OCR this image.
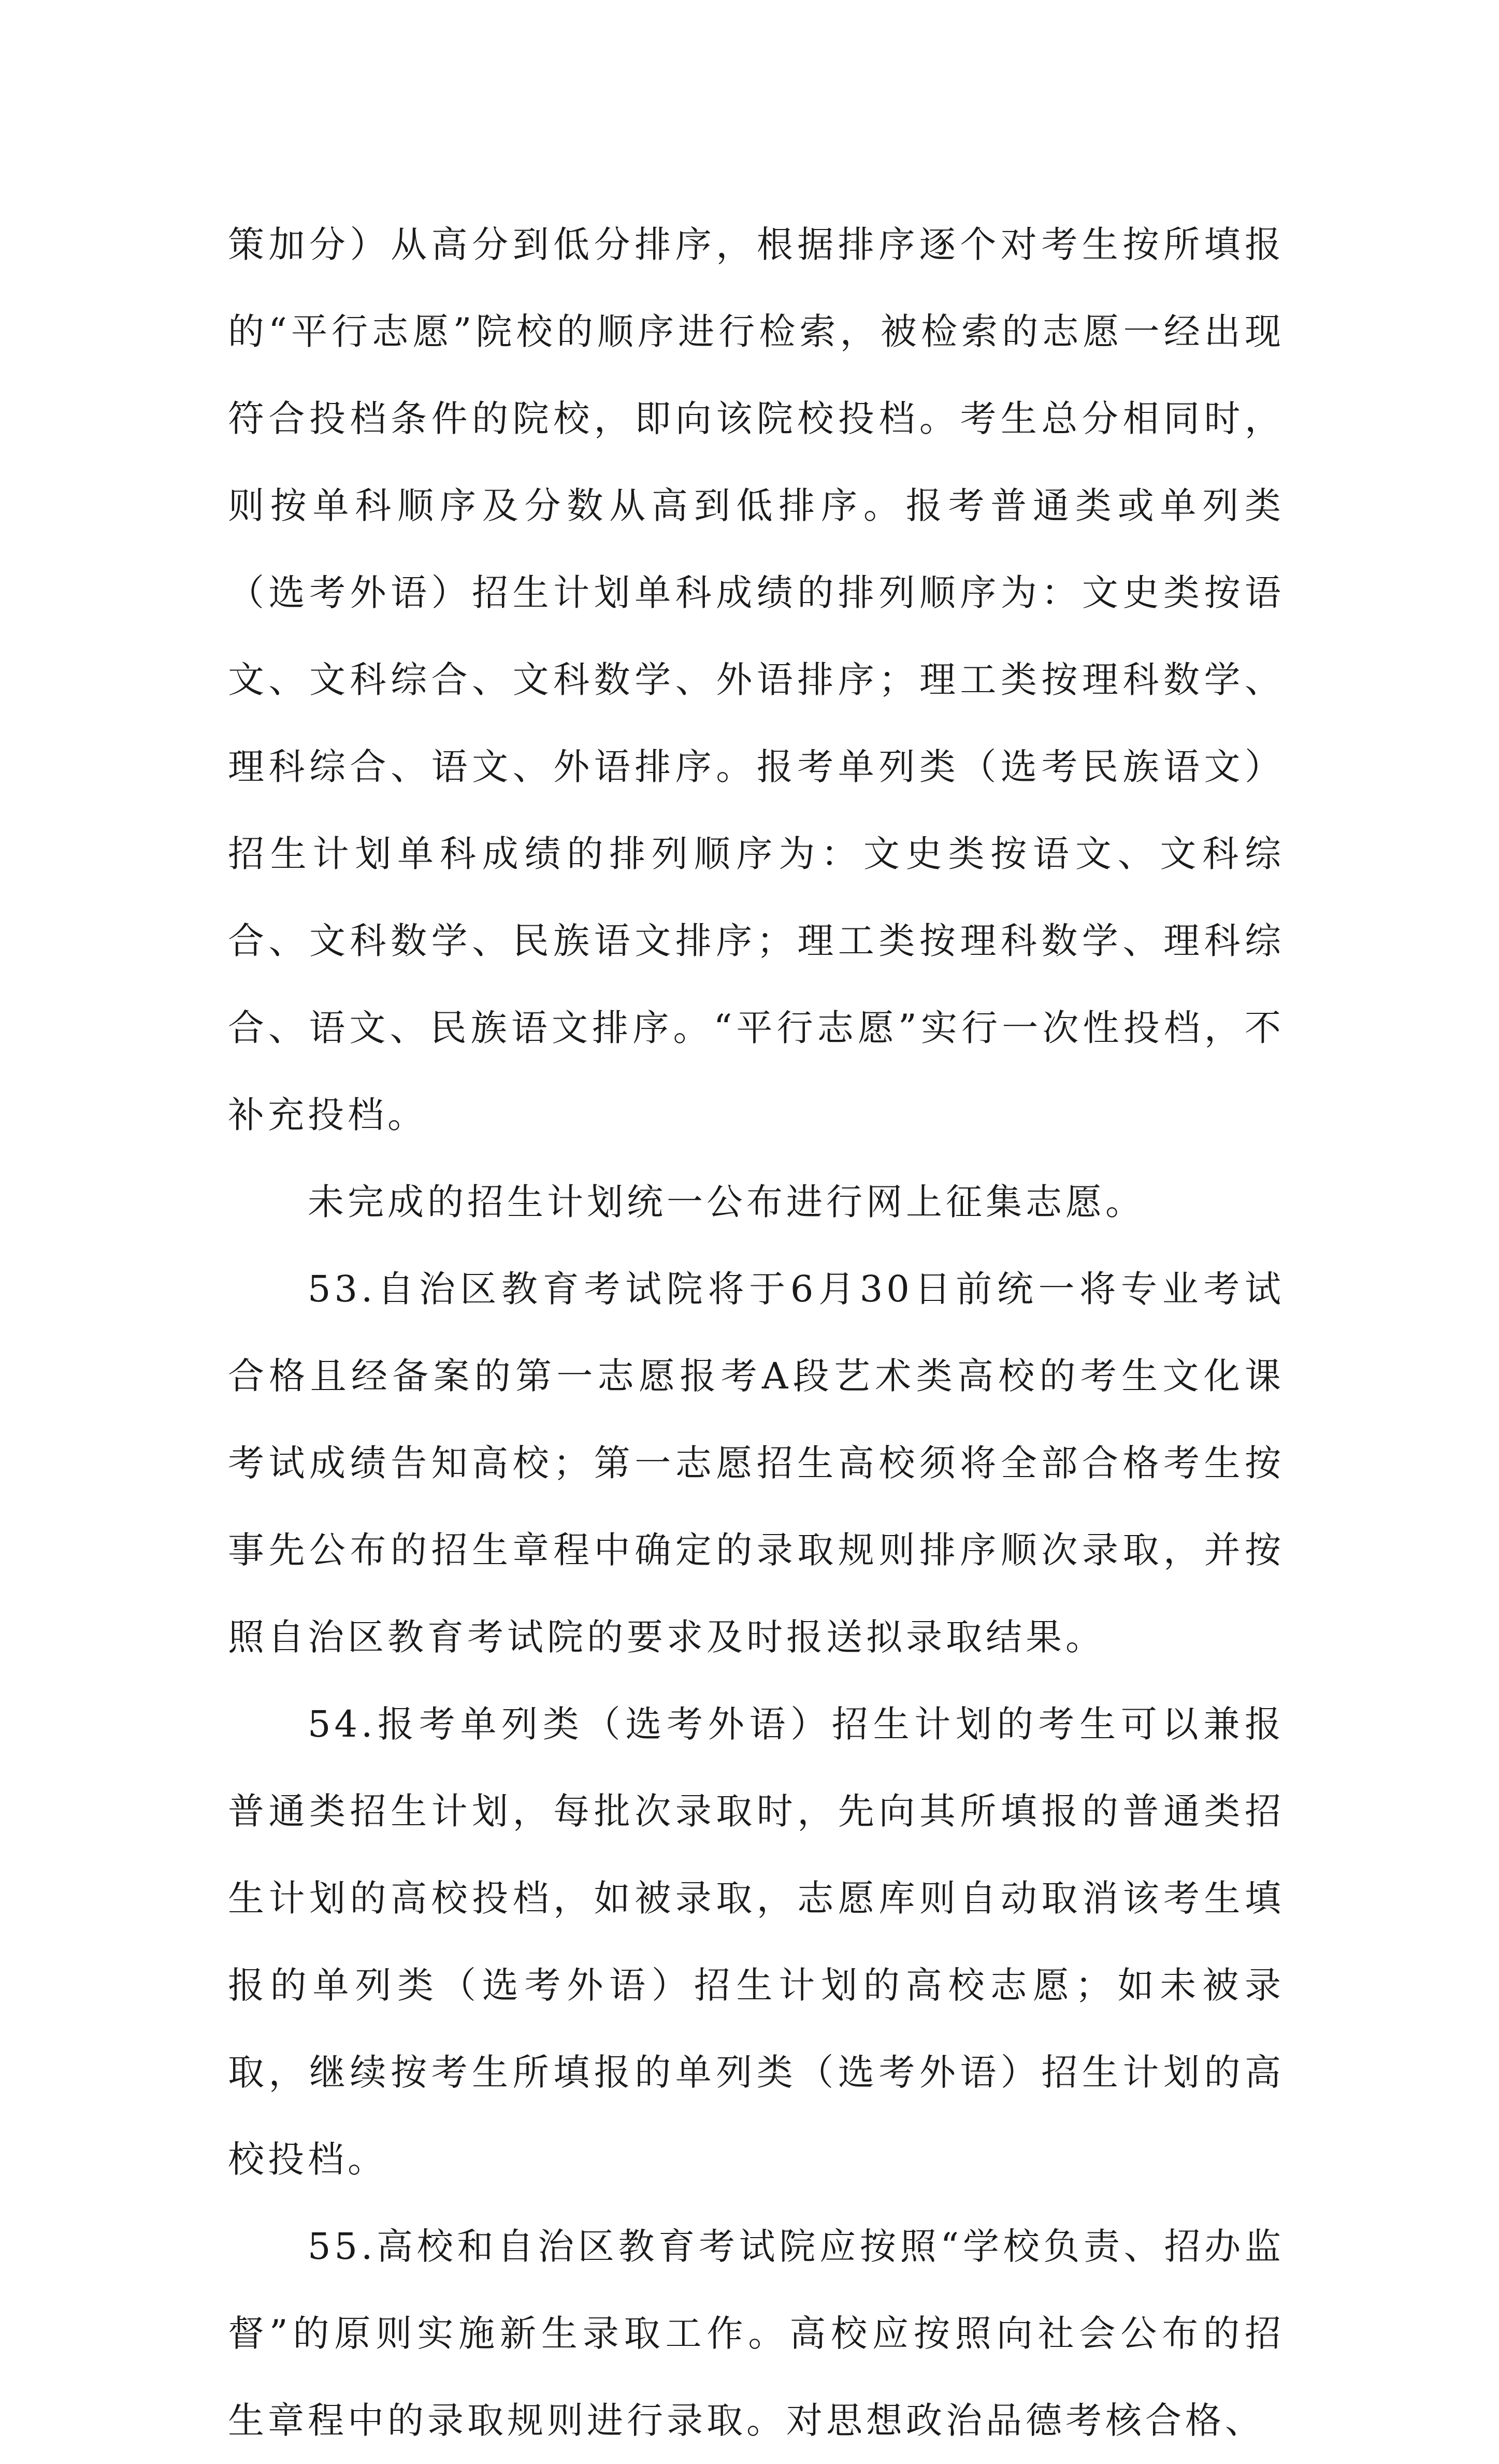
策加分）从高分到低分排序，根据排序逐个对考生按所填报的“平行志愿”院校的顺序进行检索，被检索的志愿一经出现符合投档条件的院校，即向该院校投档。考生总分相同时，则按单科顺序及分数从高到低排序。报考普通类或单列类（选考外语）招生计划单科成绩的排列顺序为：文史类按语文、文科综合、文科数学、外语排序；理工类按理科数学、理科综合、语文、外语排序。报考单列类（选考民族语文）招生计划单科成绩的排列顺序为：文史类按语文、文科综合、文科数学、民族语文排序；理工类按理科数学、理科综合、语文、民族语文排序。“平行志愿”实行一次性投档，不补充投档。

未完成的招生计划统一公布进行网上征集志愿。

53.自治区教育考试院将于6月30日前统一将专业考试合格且经备案的第一志愿报考A段艺术类高校的考生文化课考试成绩告知高校；第一志愿招生高校须将全部合格考生按事先公布的招生章程中确定的录取规则排序顺次录取，并按照自治区教育考试院的要求及时报送拟录取结果。

54.报考单列类（选考外语）招生计划的考生可以兼报普通类招生计划，每批次录取时，先向其所填报的普通类招生计划的高校投档，如被录取，志愿库则自动取消该考生填报的单列类（选考外语）招生计划的高校志愿；如未被录取，继续按考生所填报的单列类（选考外语）招生计划的高校投档。

55.高校和自治区教育考试院应按照“学校负责、招办监督”的原则实施新生录取工作。高校应按照向社会公布的招生章程中的录取规则进行录取。对思想政治品德考核合格、
